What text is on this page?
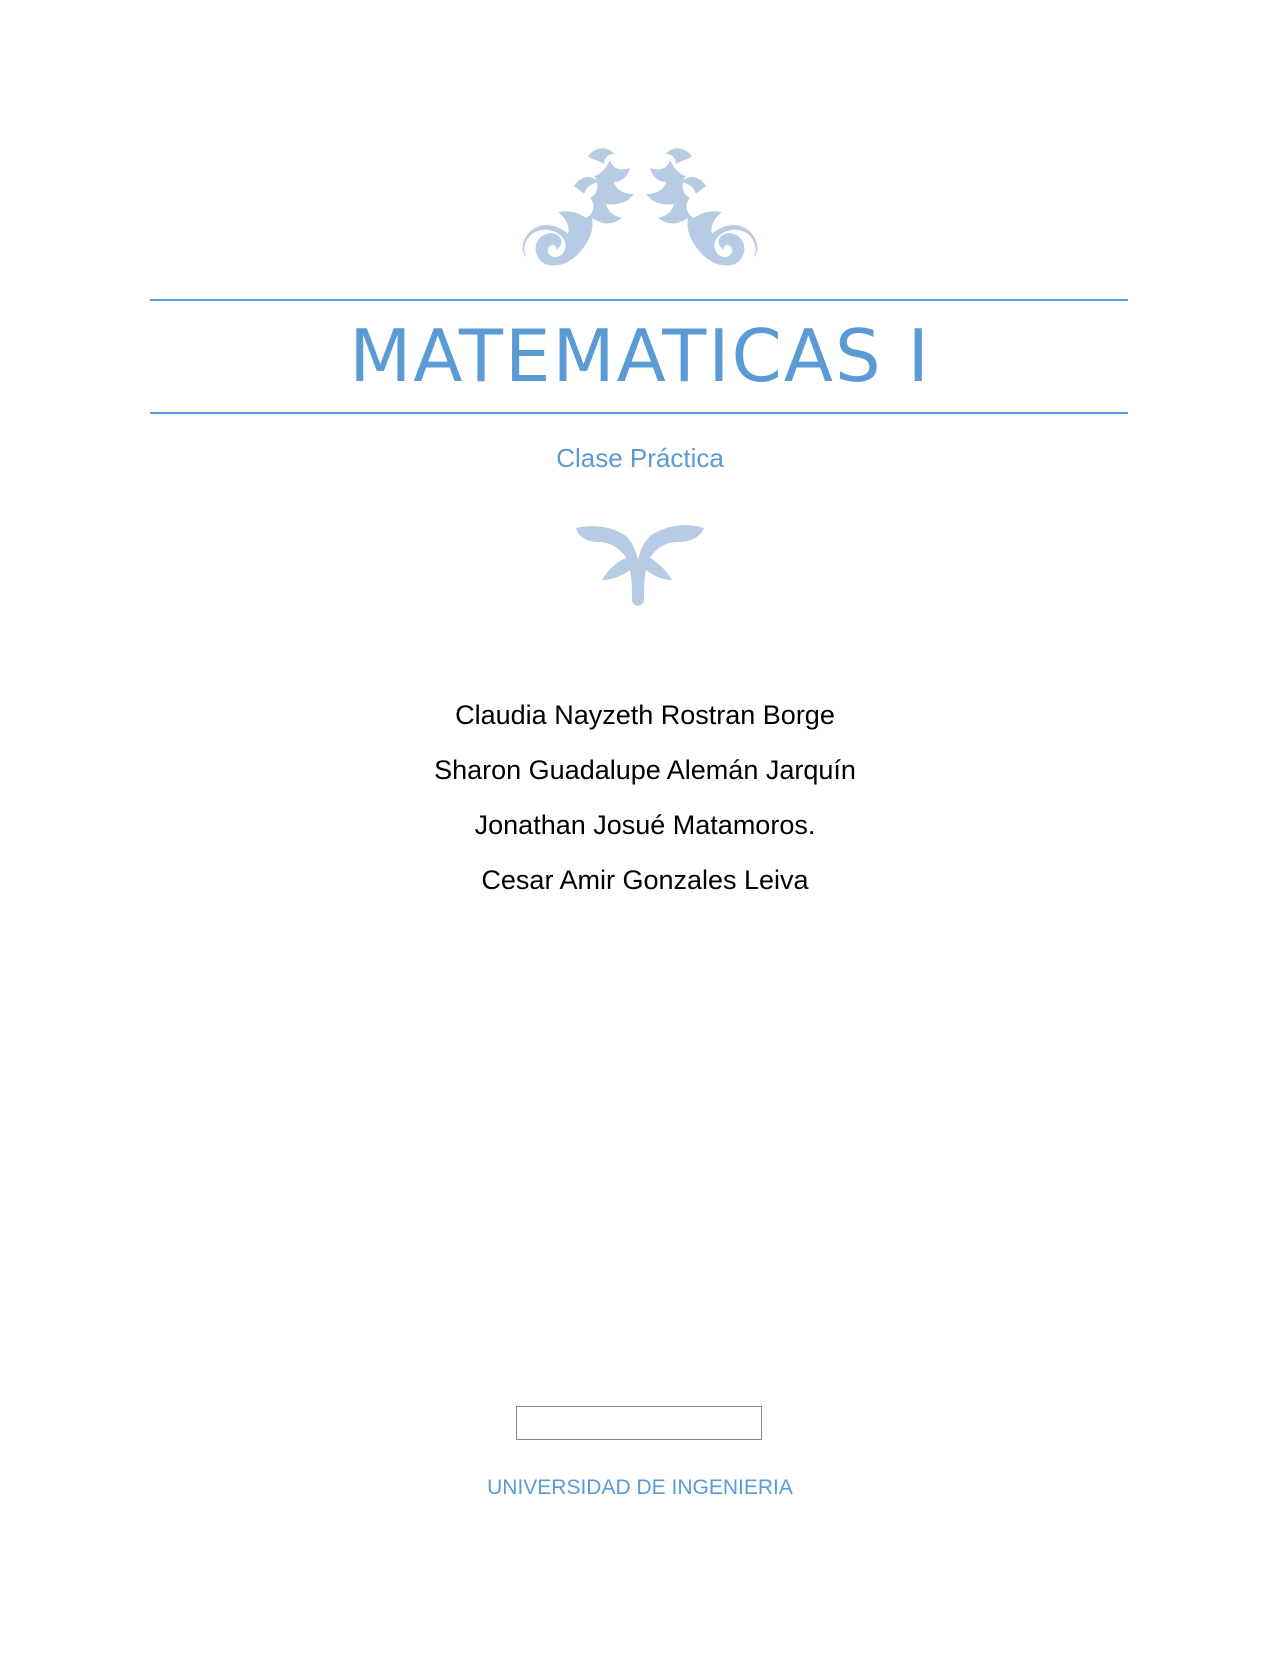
MATEMATICAS I
Clase Práctica
Claudia Nayzeth Rostran Borge
Sharon Guadalupe Alemán Jarquín
Jonathan Josué Matamoros.
Cesar Amir Gonzales Leiva
UNIVERSIDAD DE INGENIERIA
